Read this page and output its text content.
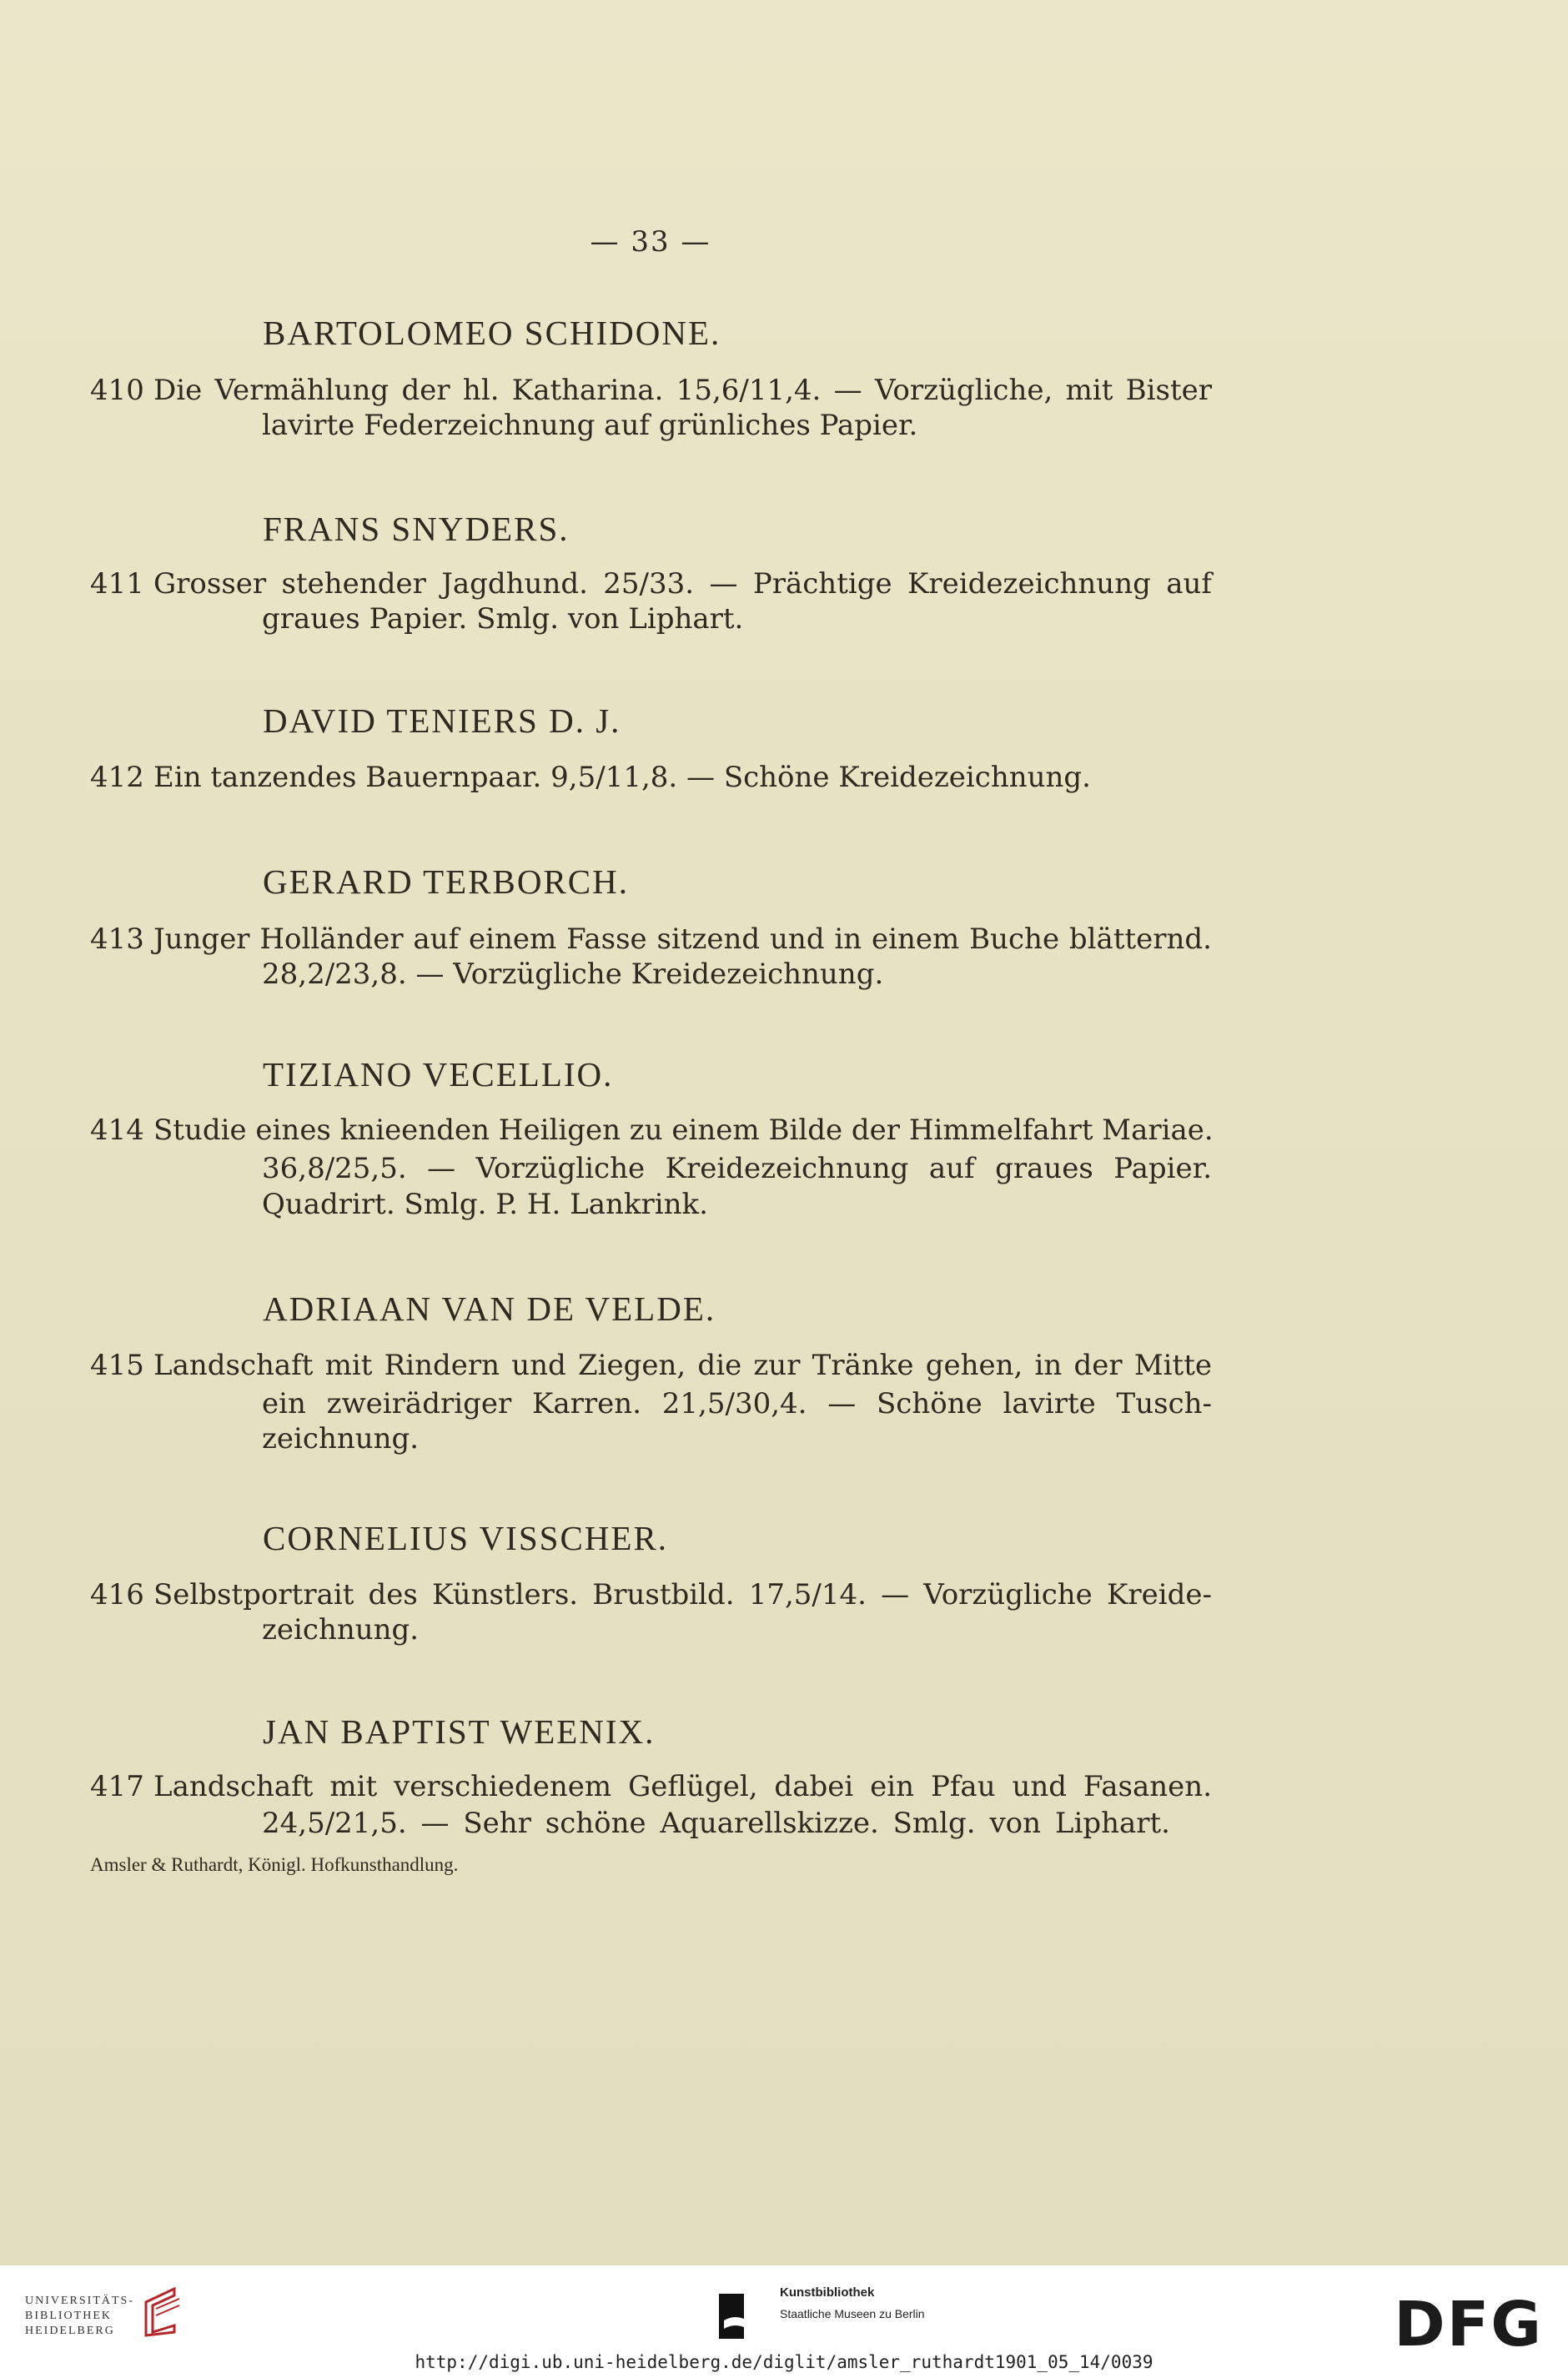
— 33 —
BARTOLOMEO SCHIDONE.
410 Die Vermählung der hl. Katharina. 15,6/11,4. — Vorzügliche, mit Bister
lavirte Federzeichnung auf grünliches Papier.
FRANS SNYDERS.
411 Grosser stehender Jagdhund. 25/33. — Prächtige Kreidezeichnung auf
graues Papier. Smlg. von Liphart.
DAVID TENIERS D. J.
412 Ein tanzendes Bauernpaar. 9,5/11,8. — Schöne Kreidezeichnung.
GERARD TERBORCH.
413 Junger Holländer auf einem Fasse sitzend und in einem Buche blätternd.
28,2/23,8. — Vorzügliche Kreidezeichnung.
TIZIANO VECELLIO.
414 Studie eines knieenden Heiligen zu einem Bilde der Himmelfahrt Mariae.
36,8/25,5. — Vorzügliche Kreidezeichnung auf graues Papier.
Quadrirt. Smlg. P. H. Lankrink.
ADRIAAN VAN DE VELDE.
415 Landschaft mit Rindern und Ziegen, die zur Tränke gehen, in der Mitte
ein zweirädriger Karren. 21,5/30,4. — Schöne lavirte Tusch-
zeichnung.
CORNELIUS VISSCHER.
416 Selbstportrait des Künstlers. Brustbild. 17,5/14. — Vorzügliche Kreide-
zeichnung.
JAN BAPTIST WEENIX.
417 Landschaft mit verschiedenem Geflügel, dabei ein Pfau und Fasanen.
24,5/21,5. — Sehr schöne Aquarellskizze. Smlg. von Liphart.
Amsler & Ruthardt, Königl. Hofkunsthandlung.
UNIVERSITÄTS-
BIBLIOTHEK
HEIDELBERG
Kunstbibliothek
Staatliche Museen zu Berlin	DFG
http://digi.ub.uni-heidelberg.de/diglit/amsler_ruthardt1901_05_14/0039
